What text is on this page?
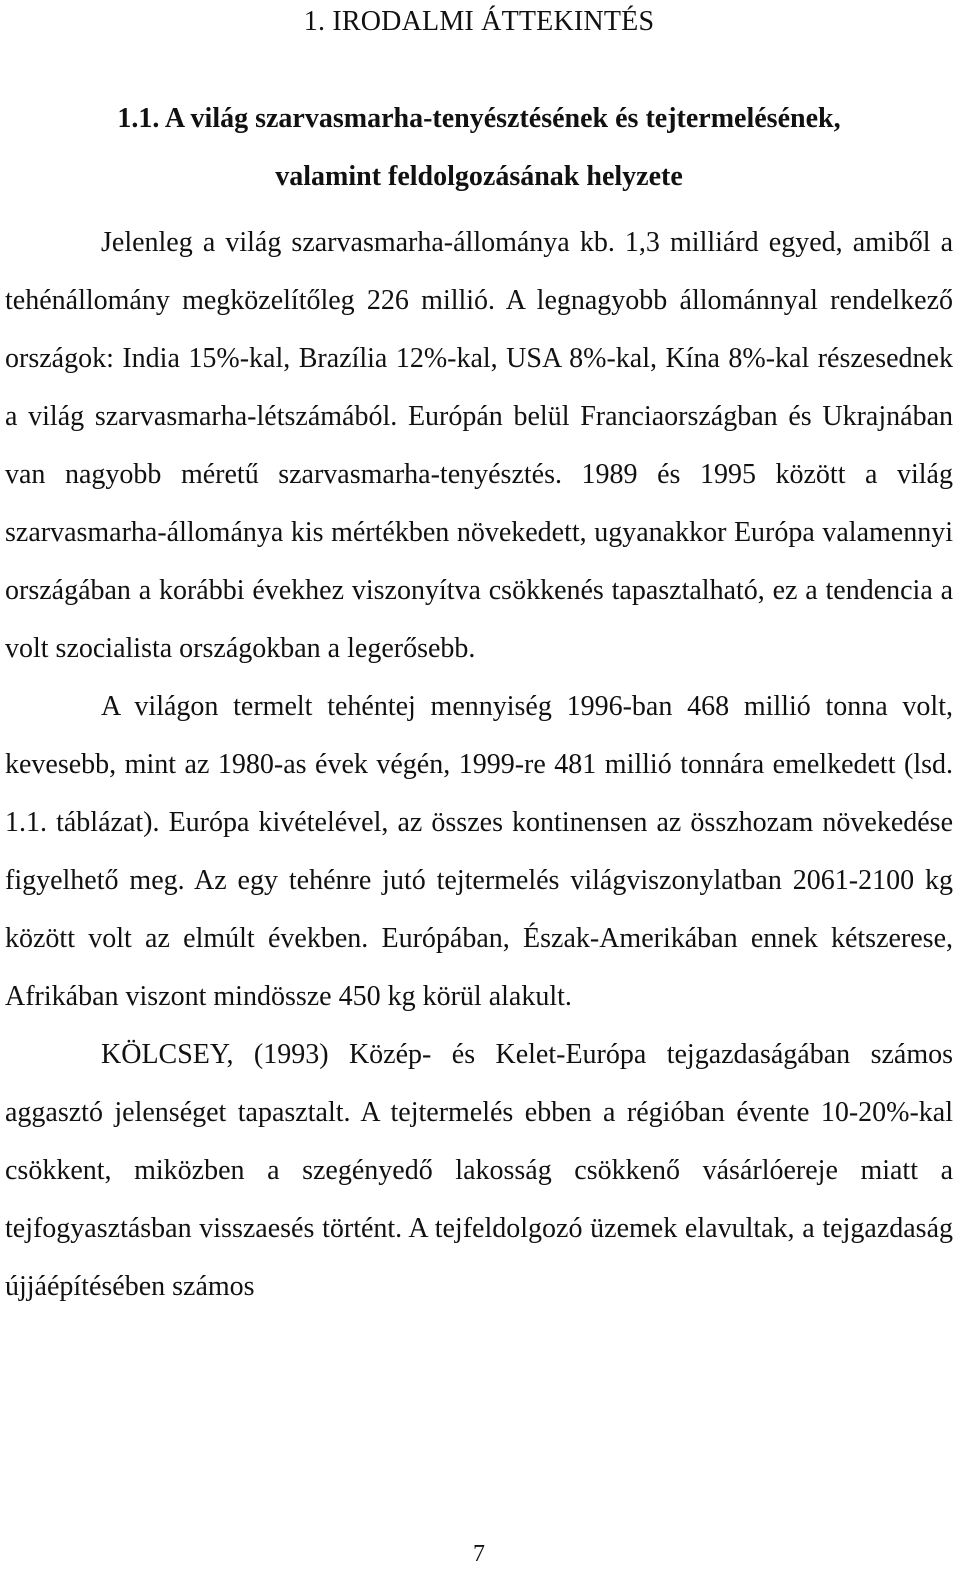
1. IRODALMI ÁTTEKINTÉS
1.1. A világ szarvasmarha-tenyésztésének és tejtermelésének,
valamint feldolgozásának helyzete

Jelenleg a világ szarvasmarha-állománya kb. 1,3 milliárd egyed, amiből a tehénállomány megközelítőleg 226 millió. A legnagyobb állománnyal rendelkező országok: India 15%-kal, Brazília 12%-kal, USA 8%-kal, Kína 8%-kal részesednek a világ szarvasmarha-létszámából. Európán belül Franciaországban és Ukrajnában van nagyobb méretű szarvasmarha-tenyésztés. 1989 és 1995 között a világ szarvasmarha-állománya kis mértékben növekedett, ugyanakkor Európa valamennyi országában a korábbi évekhez viszonyítva csökkenés tapasztalható, ez a tendencia a volt szocialista országokban a legerősebb.

A világon termelt tehéntej mennyiség 1996-ban 468 millió tonna volt, kevesebb, mint az 1980-as évek végén, 1999-re 481 millió tonnára emelkedett (lsd. 1.1. táblázat). Európa kivételével, az összes kontinensen az összhozam növekedése figyelhető meg. Az egy tehénre jutó tejtermelés világviszonylatban 2061-2100 kg között volt az elmúlt években. Európában, Észak-Amerikában ennek kétszerese, Afrikában viszont mindössze 450 kg körül alakult.

KÖLCSEY, (1993) Közép- és Kelet-Európa tejgazdaságában számos aggasztó jelenséget tapasztalt. A tejtermelés ebben a régióban évente 10-20%-kal csökkent, miközben a szegényedő lakosság csökkenő vásárlóereje miatt a tejfogyasztásban visszaesés történt. A tejfeldolgozó üzemek elavultak, a tejgazdaság újjáépítésében számos

7
